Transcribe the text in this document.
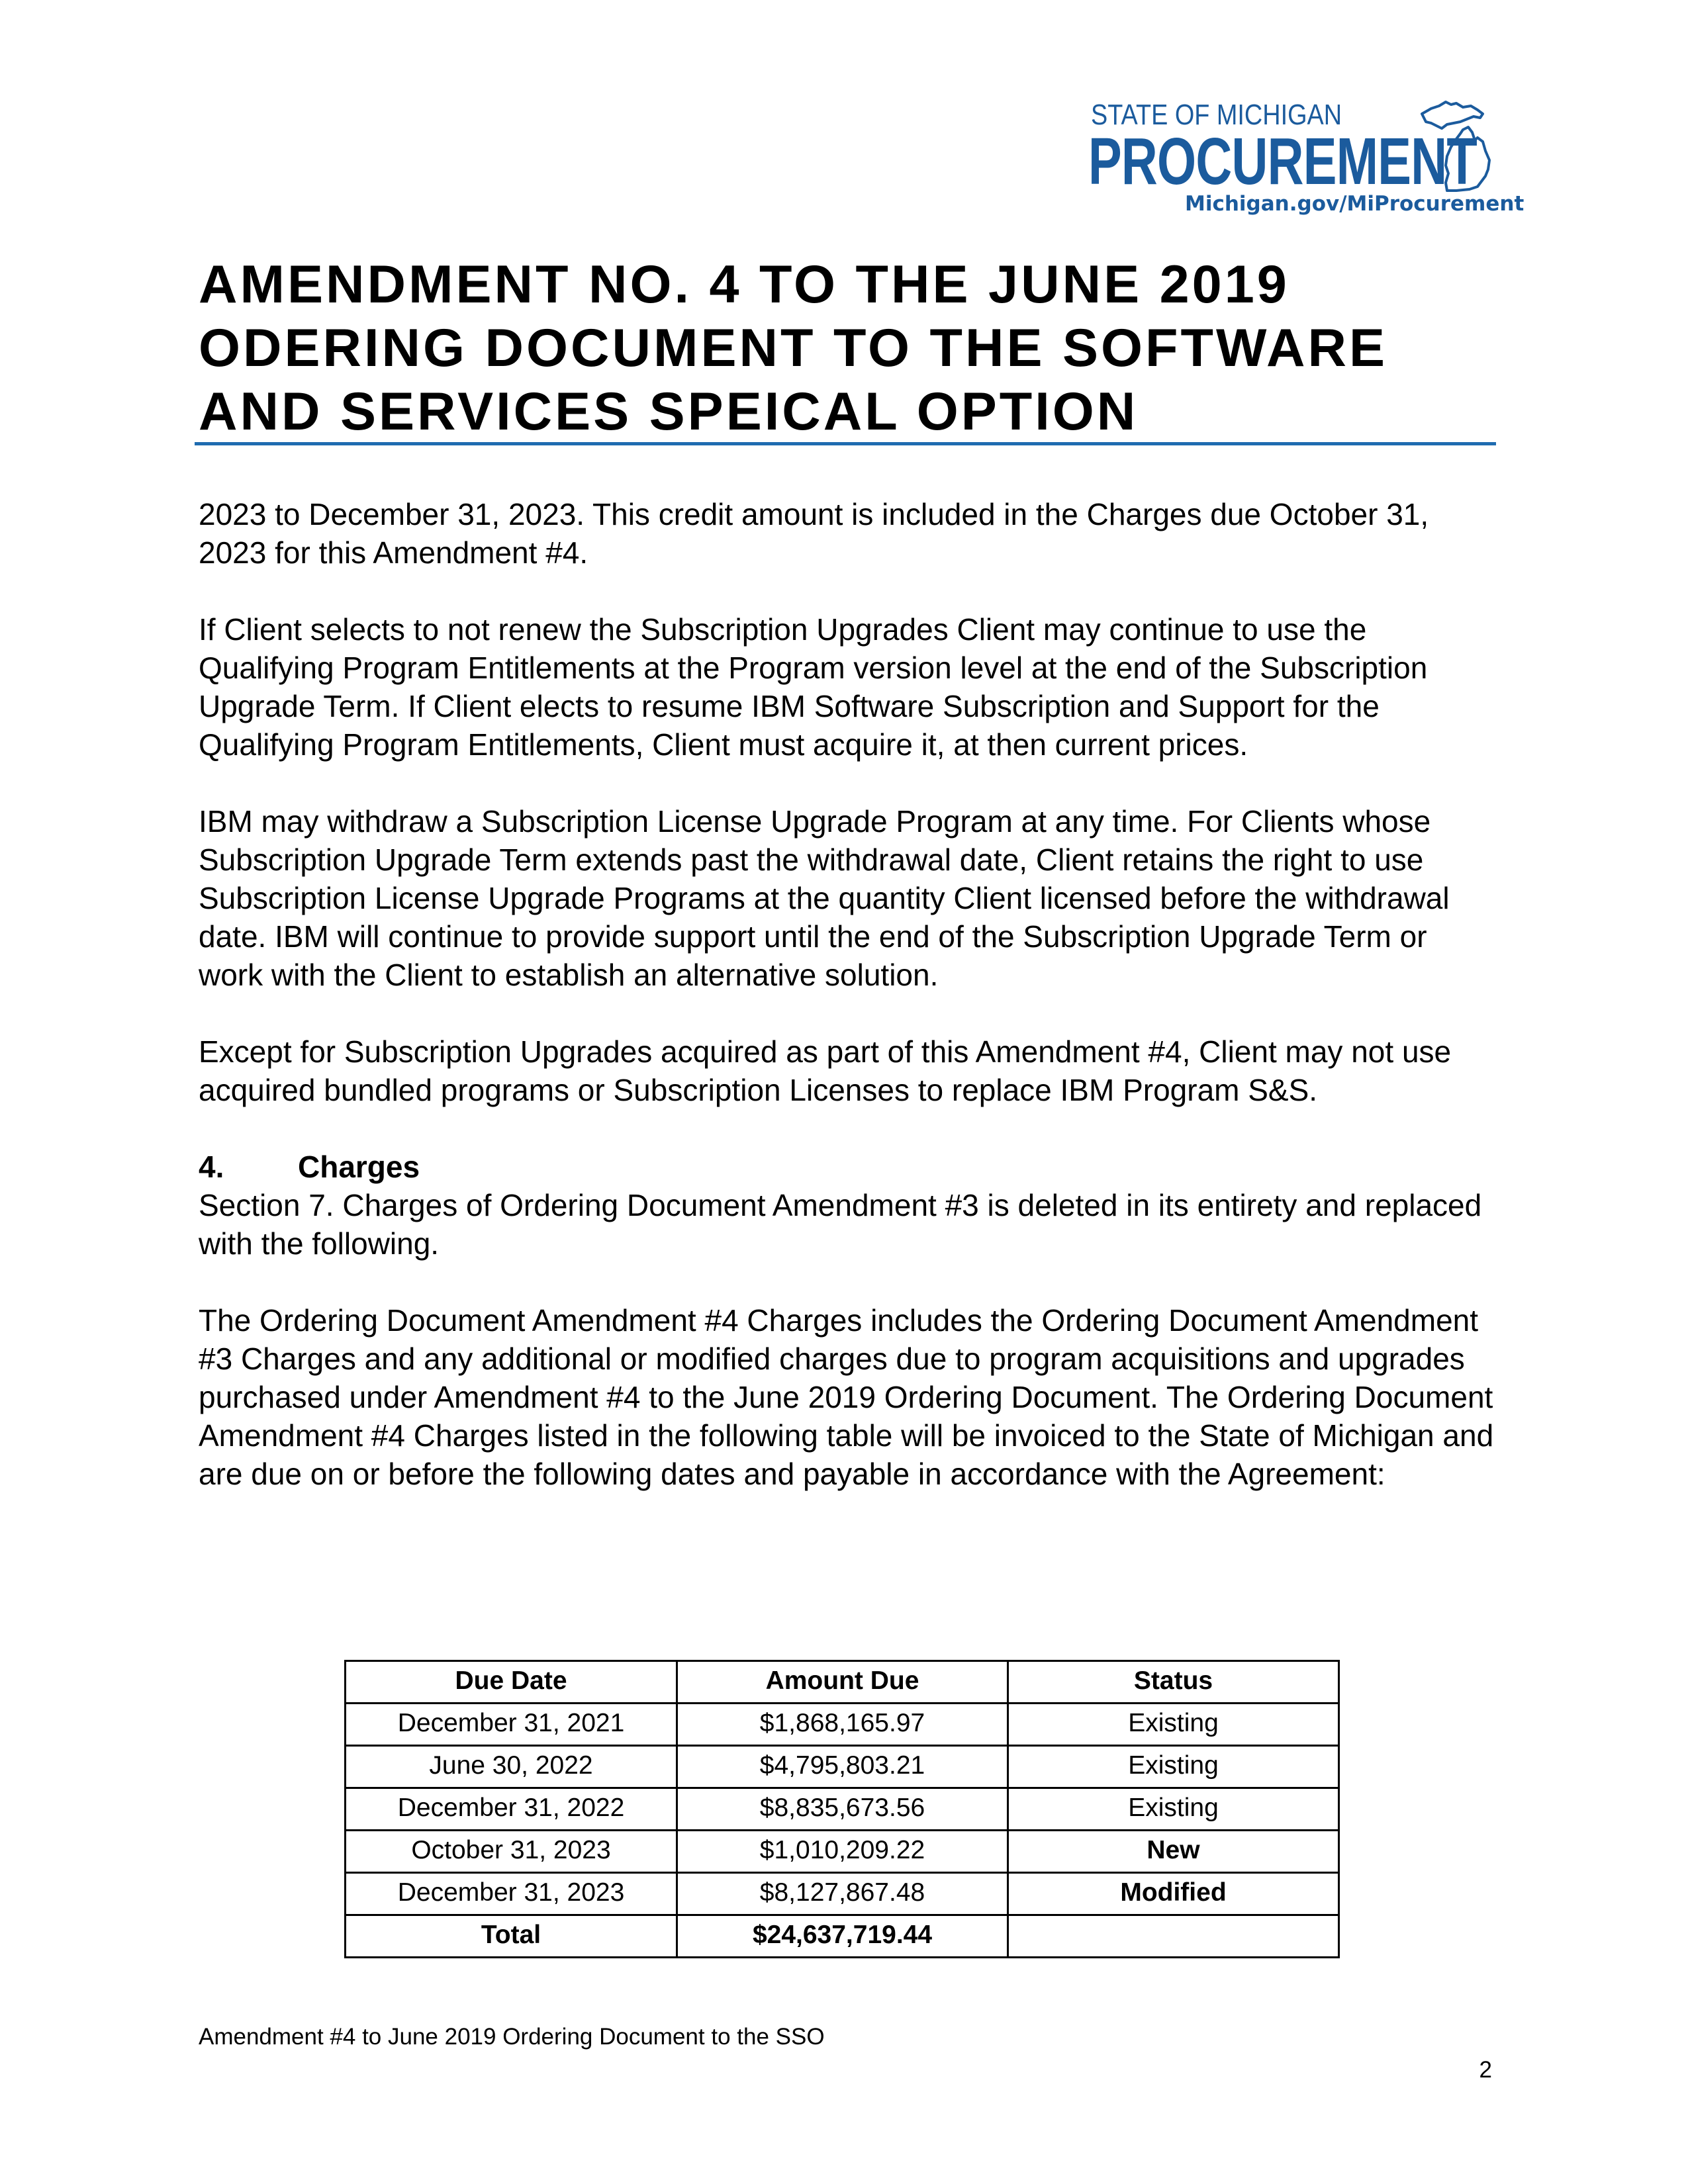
STATE OF MICHIGAN
PROCUREMENT
Michigan.gov/MiProcurement
AMENDMENT NO. 4 TO THE JUNE 2019
ODERING DOCUMENT TO THE SOFTWARE
AND SERVICES SPEICAL OPTION

2023 to December 31, 2023. This credit amount is included in the Charges due October 31, 2023 for this Amendment #4.

If Client selects to not renew the Subscription Upgrades Client may continue to use the Qualifying Program Entitlements at the Program version level at the end of the Subscription Upgrade Term. If Client elects to resume IBM Software Subscription and Support for the Qualifying Program Entitlements, Client must acquire it, at then current prices.

IBM may withdraw a Subscription License Upgrade Program at any time. For Clients whose Subscription Upgrade Term extends past the withdrawal date, Client retains the right to use Subscription License Upgrade Programs at the quantity Client licensed before the withdrawal date. IBM will continue to provide support until the end of the Subscription Upgrade Term or work with the Client to establish an alternative solution.

Except for Subscription Upgrades acquired as part of this Amendment #4, Client may not use acquired bundled programs or Subscription Licenses to replace IBM Program S&S.

4.	Charges

Section 7. Charges of Ordering Document Amendment #3 is deleted in its entirety and replaced with the following.

The Ordering Document Amendment #4 Charges includes the Ordering Document Amendment #3 Charges and any additional or modified charges due to program acquisitions and upgrades purchased under Amendment #4 to the June 2019 Ordering Document. The Ordering Document Amendment #4 Charges listed in the following table will be invoiced to the State of Michigan and are due on or before the following dates and payable in accordance with the Agreement:

Due Date	Amount Due	Status
December 31, 2021	$1,868,165.97	Existing
June 30, 2022	$4,795,803.21	Existing
December 31, 2022	$8,835,673.56	Existing
October 31, 2023	$1,010,209.22	New
December 31, 2023	$8,127,867.48	Modified
Total	$24,637,719.44	
Amendment #4 to June 2019 Ordering Document to the SSO
2
